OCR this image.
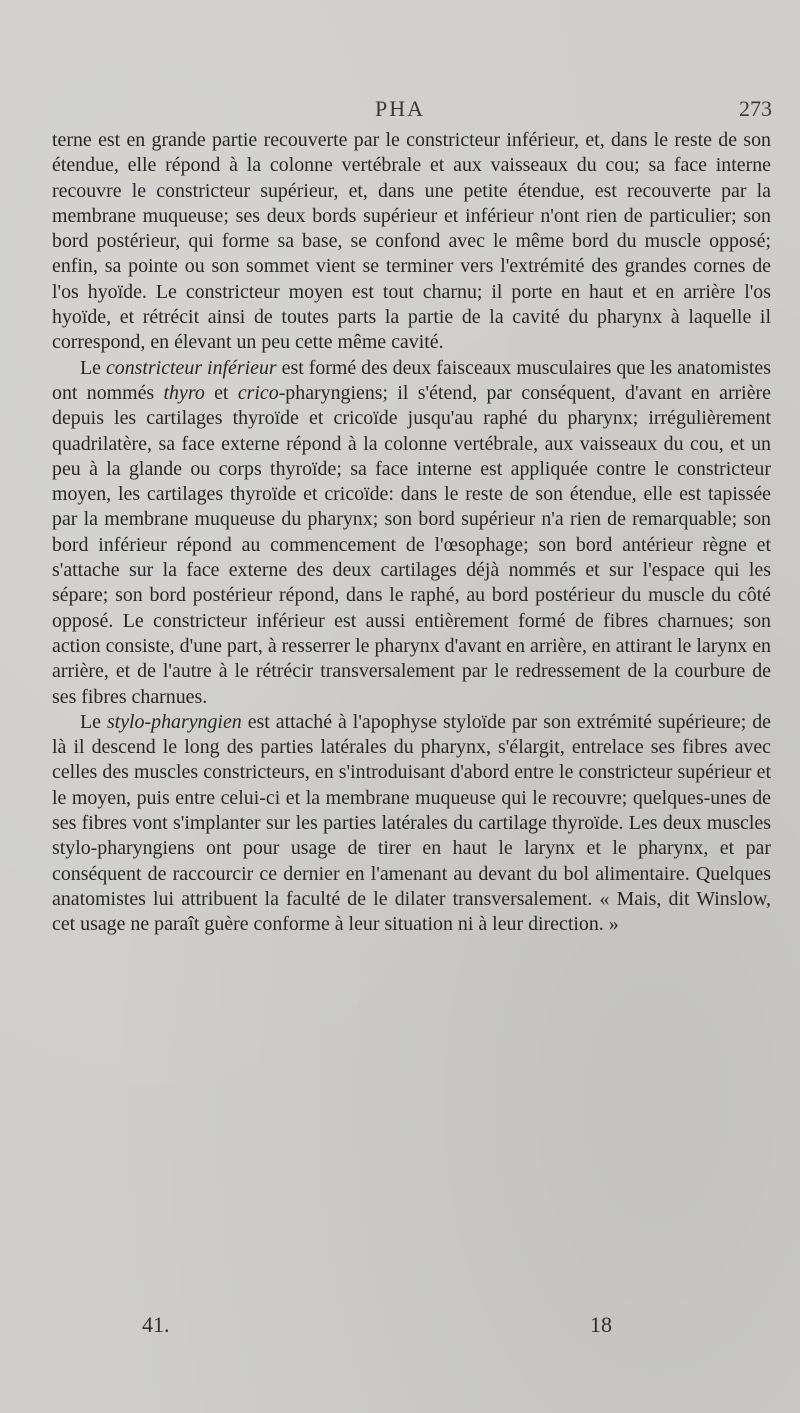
PHA	273

terne est en grande partie recouverte par le constricteur inférieur, et, dans le reste de son étendue, elle répond à la colonne vertébrale et aux vaisseaux du cou; sa face interne recouvre le constricteur supérieur, et, dans une petite étendue, est recouverte par la membrane muqueuse; ses deux bords supérieur et inférieur n'ont rien de particulier; son bord postérieur, qui forme sa base, se confond avec le même bord du muscle opposé; enfin, sa pointe ou son sommet vient se terminer vers l'extrémité des grandes cornes de l'os hyoïde. Le constricteur moyen est tout charnu; il porte en haut et en arrière l'os hyoïde, et rétrécit ainsi de toutes parts la partie de la cavité du pharynx à laquelle il correspond, en élevant un peu cette même cavité.

Le constricteur inférieur est formé des deux faisceaux musculaires que les anatomistes ont nommés thyro et crico-pharyngiens; il s'étend, par conséquent, d'avant en arrière depuis les cartilages thyroïde et cricoïde jusqu'au raphé du pharynx; irrégulièrement quadrilatère, sa face externe répond à la colonne vertébrale, aux vaisseaux du cou, et un peu à la glande ou corps thyroïde; sa face interne est appliquée contre le constricteur moyen, les cartilages thyroïde et cricoïde: dans le reste de son étendue, elle est tapissée par la membrane muqueuse du pharynx; son bord supérieur n'a rien de remarquable; son bord inférieur répond au commencement de l'œsophage; son bord antérieur règne et s'attache sur la face externe des deux cartilages déjà nommés et sur l'espace qui les sépare; son bord postérieur répond, dans le raphé, au bord postérieur du muscle du côté opposé. Le constricteur inférieur est aussi entièrement formé de fibres charnues; son action consiste, d'une part, à resserrer le pharynx d'avant en arrière, en attirant le larynx en arrière, et de l'autre à le rétrécir transversalement par le redressement de la courbure de ses fibres charnues.

Le stylo-pharyngien est attaché à l'apophyse styloïde par son extrémité supérieure; de là il descend le long des parties latérales du pharynx, s'élargit, entrelace ses fibres avec celles des muscles constricteurs, en s'introduisant d'abord entre le constricteur supérieur et le moyen, puis entre celui-ci et la membrane muqueuse qui le recouvre; quelques-unes de ses fibres vont s'implanter sur les parties latérales du cartilage thyroïde. Les deux muscles stylo-pharyngiens ont pour usage de tirer en haut le larynx et le pharynx, et par conséquent de raccourcir ce dernier en l'amenant au devant du bol alimentaire. Quelques anatomistes lui attribuent la faculté de le dilater transversalement. « Mais, dit Winslow, cet usage ne paraît guère conforme à leur situation ni à leur direction. »

41.	18
